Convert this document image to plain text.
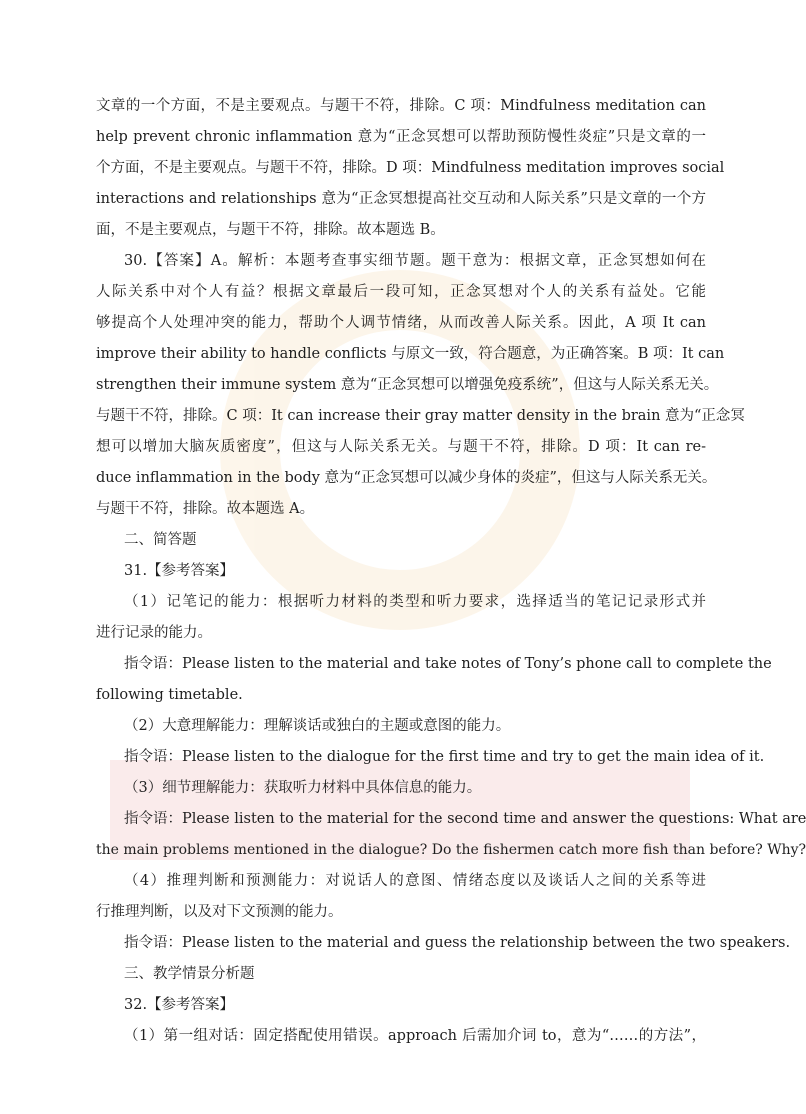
文章的一个方面，不是主要观点。与题干不符，排除。C 项：Mindfulness meditation can
help prevent chronic inflammation 意为“正念冥想可以帮助预防慢性炎症”只是文章的一
个方面，不是主要观点。与题干不符，排除。D 项：Mindfulness meditation improves social
interactions and relationships 意为“正念冥想提高社交互动和人际关系”只是文章的一个方
面，不是主要观点，与题干不符，排除。故本题选 B。
30.【答案】A。解析：本题考查事实细节题。题干意为：根据文章，正念冥想如何在
人际关系中对个人有益？根据文章最后一段可知，正念冥想对个人的关系有益处。它能
够提高个人处理冲突的能力，帮助个人调节情绪，从而改善人际关系。因此，A 项 It can
improve their ability to handle conflicts 与原文一致，符合题意，为正确答案。B 项：It can
strengthen their immune system 意为“正念冥想可以增强免疫系统”，但这与人际关系无关。
与题干不符，排除。C 项：It can increase their gray matter density in the brain 意为“正念冥
想可以增加大脑灰质密度”，但这与人际关系无关。与题干不符，排除。D 项：It can re-
duce inflammation in the body 意为“正念冥想可以减少身体的炎症”，但这与人际关系无关。
与题干不符，排除。故本题选 A。
二、简答题
31.【参考答案】
（1）记笔记的能力：根据听力材料的类型和听力要求，选择适当的笔记记录形式并
进行记录的能力。
指令语：Please listen to the material and take notes of Tony’s phone call to complete the
following timetable.
（2）大意理解能力：理解谈话或独白的主题或意图的能力。
指令语：Please listen to the dialogue for the first time and try to get the main idea of it.
（3）细节理解能力：获取听力材料中具体信息的能力。
指令语：Please listen to the material for the second time and answer the questions: What are
the main problems mentioned in the dialogue? Do the fishermen catch more fish than before? Why?
（4）推理判断和预测能力：对说话人的意图、情绪态度以及谈话人之间的关系等进
行推理判断，以及对下文预测的能力。
指令语：Please listen to the material and guess the relationship between the two speakers.
三、教学情景分析题
32.【参考答案】
（1）第一组对话：固定搭配使用错误。approach 后需加介词 to，意为“……的方法”，
